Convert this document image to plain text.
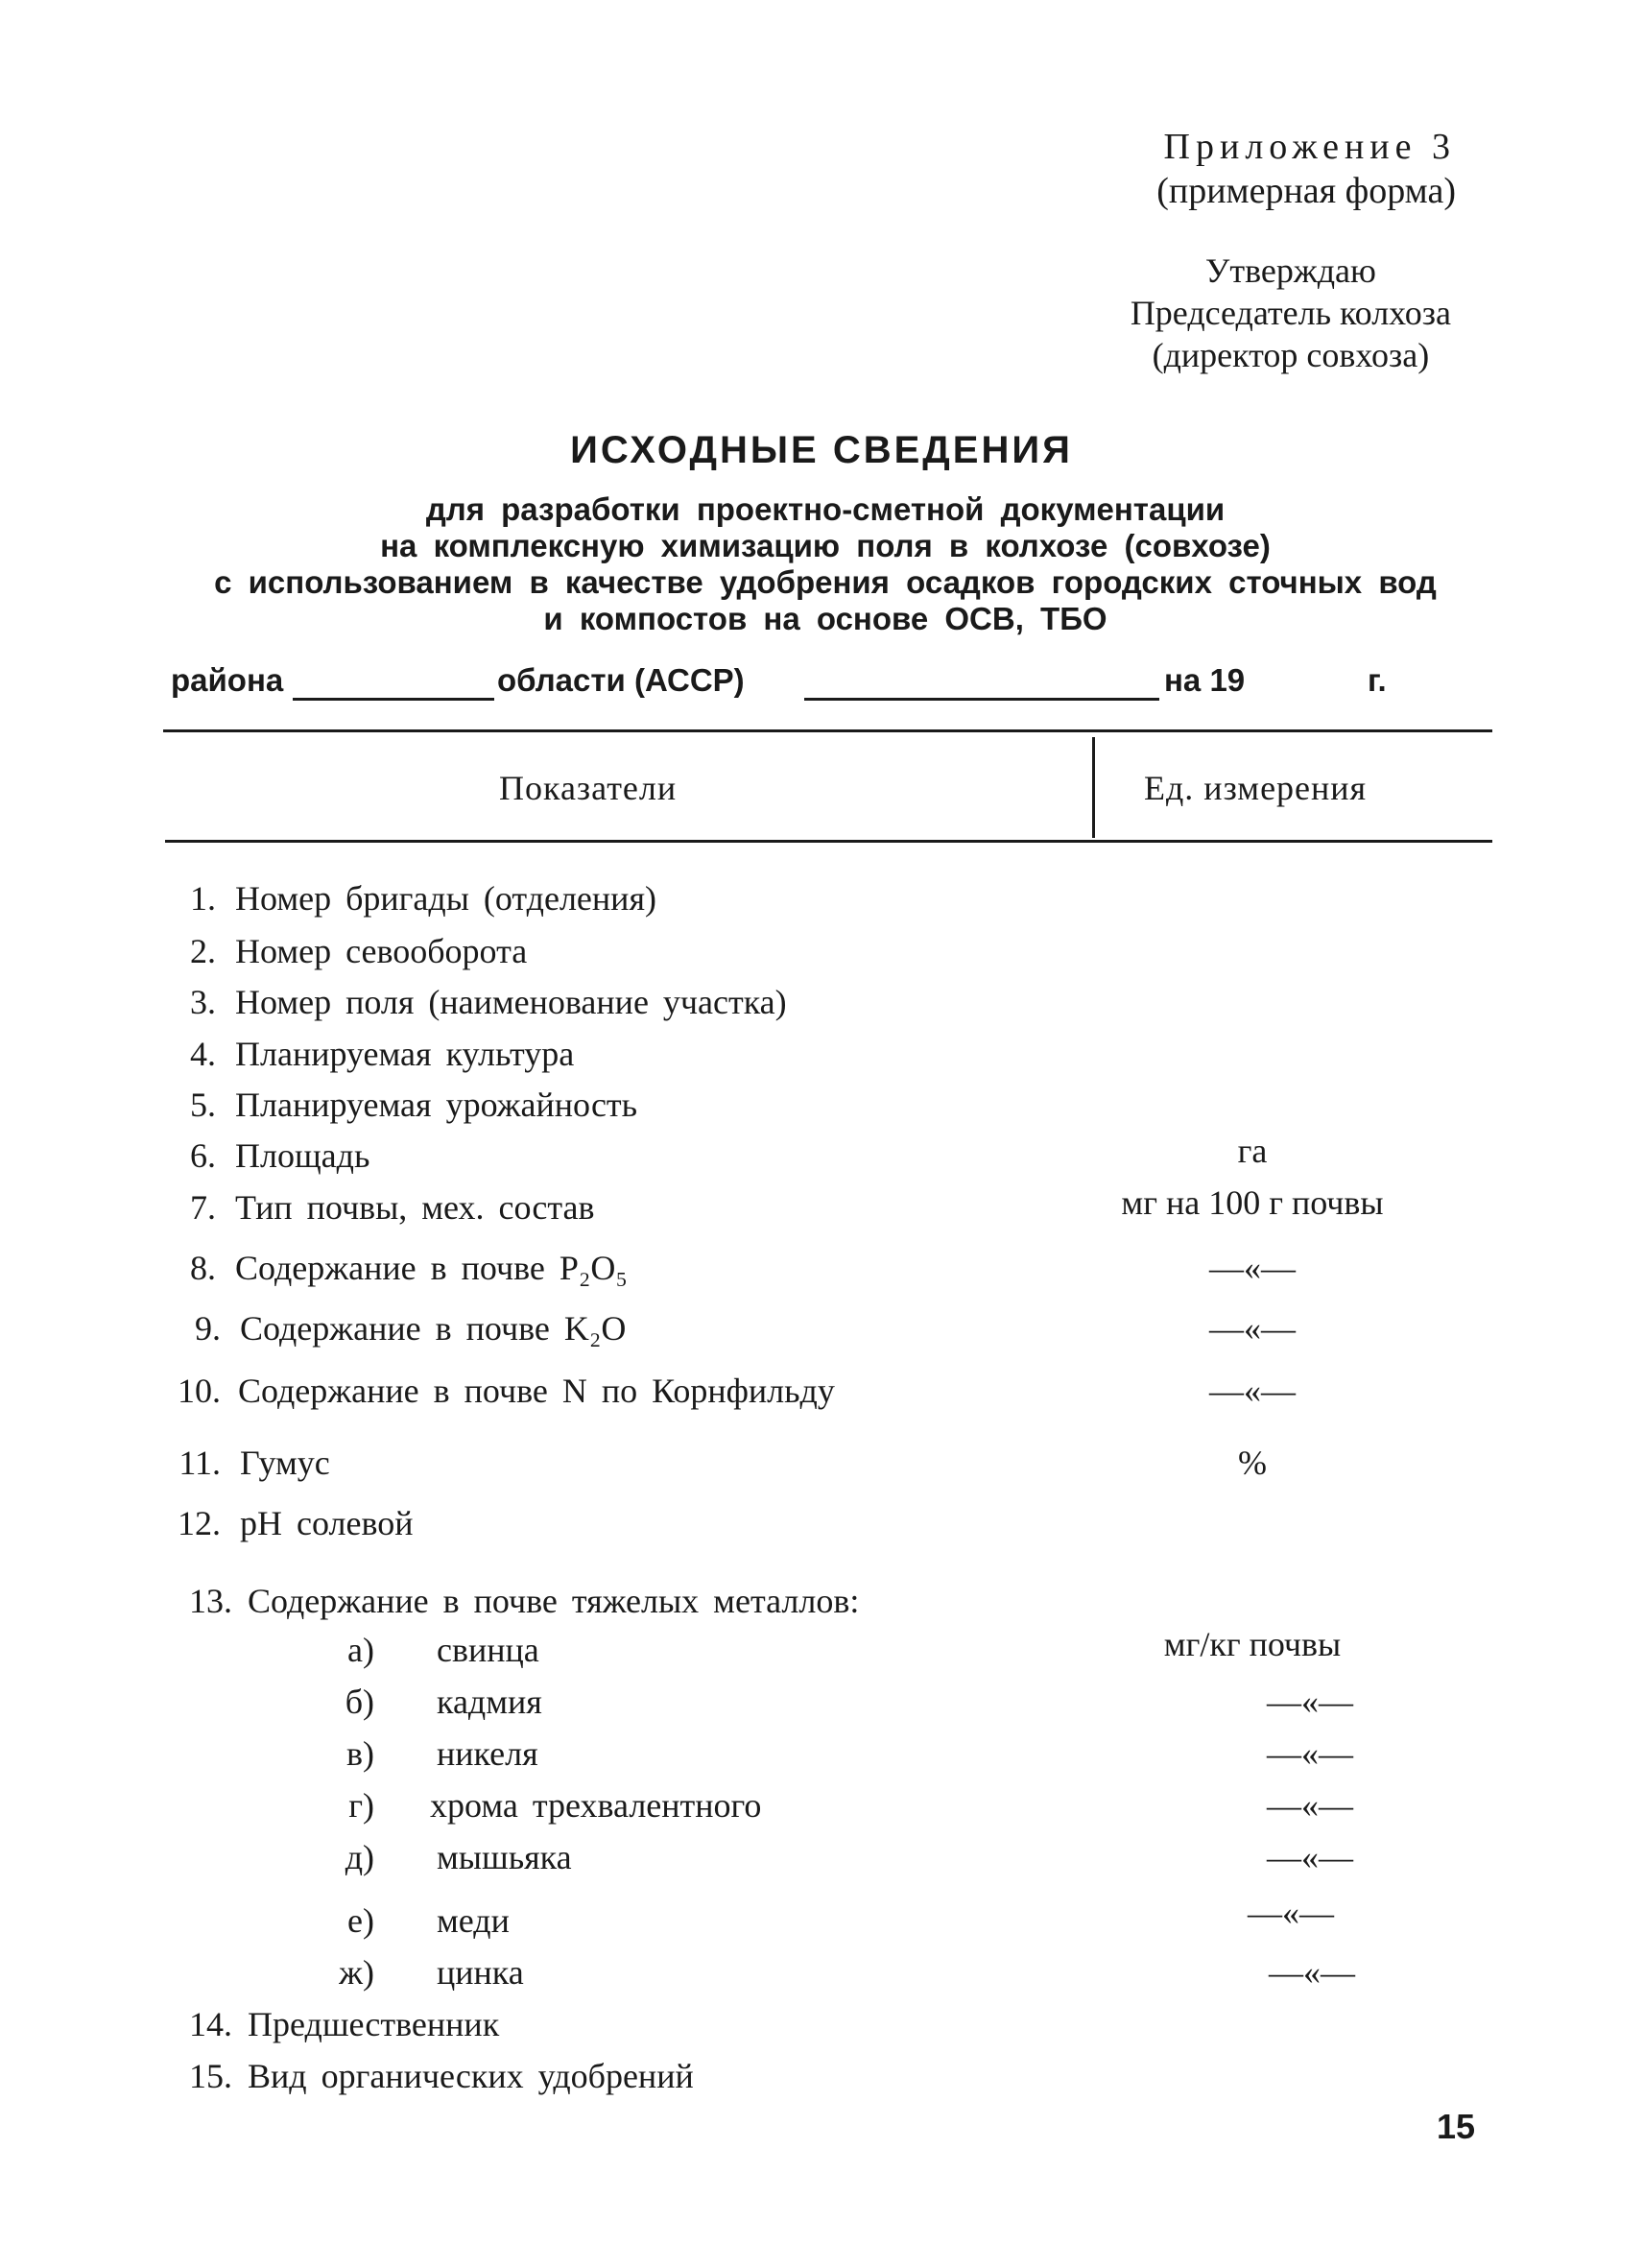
Приложение 3
(примерная форма)
Утверждаю
Председатель колхоза
(директор совхоза)
ИСХОДНЫЕ СВЕДЕНИЯ
для разработки проектно-сметной документации
на комплексную химизацию поля в колхозе (совхозе)
с использованием в качестве удобрения осадков городских сточных вод
и компостов на основе ОСВ, ТБО
района	области (АССР)	на 19	г.
Показатели	Ед. измерения
1. Номер бригады (отделения)
2. Номер севооборота
3. Номер поля (наименование участка)
4. Планируемая культура
5. Планируемая урожайность
6. Площадь	га
7. Тип почвы, мех. состав	мг на 100 г почвы
8. Содержание в почве P₂O₅	—«—
9. Содержание в почве K₂O	—«—
10. Содержание в почве N по Корнфильду	—«—
11. Гумус	%
12. pH солевой
13. Содержание в почве тяжелых металлов:
а) свинца	мг/кг почвы
б) кадмия	—«—
в) никеля	—«—
г) хрома трехвалентного	—«—
д) мышьяка	—«—
е) меди	—«—
ж) цинка	—«—
14. Предшественник
15. Вид органических удобрений
15
